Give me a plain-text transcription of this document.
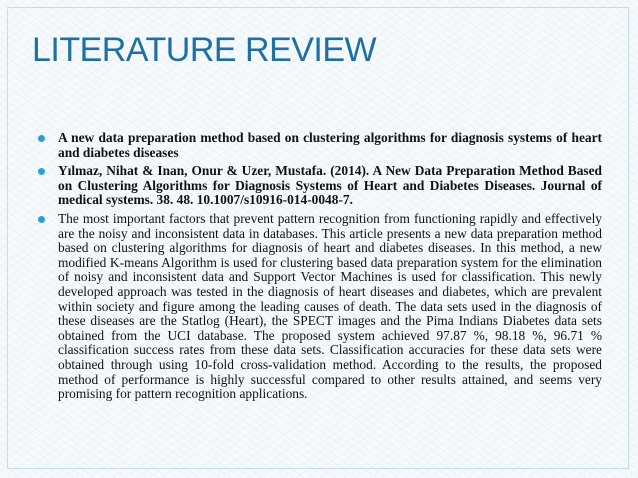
LITERATURE REVIEW
A new data preparation method based on clustering algorithms for diagnosis systems of heart and diabetes diseases
Yılmaz, Nihat & Inan, Onur & Uzer, Mustafa. (2014). A New Data Preparation Method Based on Clustering Algorithms for Diagnosis Systems of Heart and Diabetes Diseases. Journal of medical systems. 38. 48. 10.1007/s10916-014-0048-7.
The most important factors that prevent pattern recognition from functioning rapidly and effectively are the noisy and inconsistent data in databases. This article presents a new data preparation method based on clustering algorithms for diagnosis of heart and diabetes diseases. In this method, a new modified K-means Algorithm is used for clustering based data preparation system for the elimination of noisy and inconsistent data and Support Vector Machines is used for classification. This newly developed approach was tested in the diagnosis of heart diseases and diabetes, which are prevalent within society and figure among the leading causes of death. The data sets used in the diagnosis of these diseases are the Statlog (Heart), the SPECT images and the Pima Indians Diabetes data sets obtained from the UCI database. The proposed system achieved 97.87 %, 98.18 %, 96.71 % classification success rates from these data sets. Classification accuracies for these data sets were obtained through using 10-fold cross-validation method. According to the results, the proposed method of performance is highly successful compared to other results attained, and seems very promising for pattern recognition applications.
